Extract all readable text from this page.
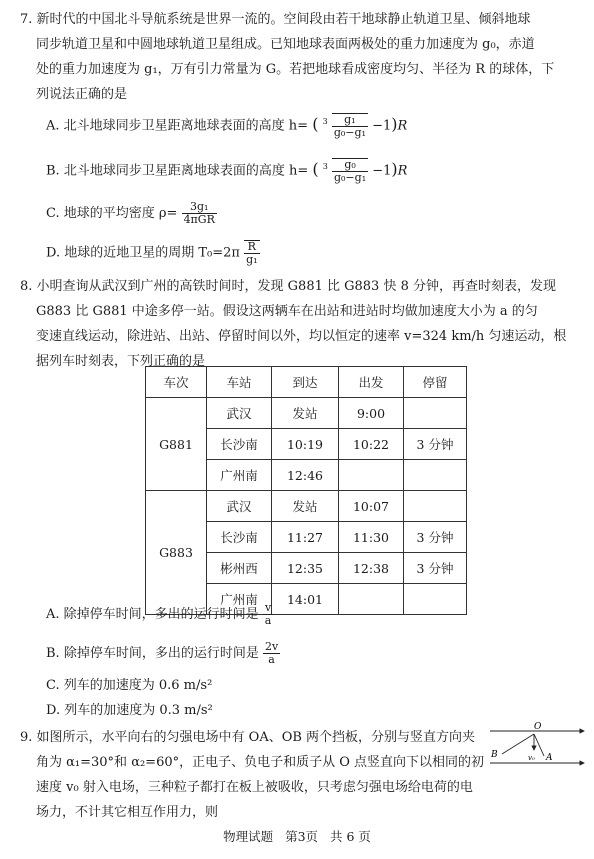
7. 新时代的中国北斗导航系统是世界一流的。空间段由若干地球静止轨道卫星、倾斜地球
同步轨道卫星和中圆地球轨道卫星组成。已知地球表面两极处的重力加速度为 g₀，赤道
处的重力加速度为 g₁，万有引力常量为 G。若把地球看成密度均匀、半径为 R 的球体，下
列说法正确的是
A. 北斗地球同步卫星距离地球表面的高度 h= ( $^3 \frac{\text{g₁}}{\text{g₀−g₁}} -1)R$
B. 北斗地球同步卫星距离地球表面的高度 h= ( $^3 \frac{\text{g₀}}{\text{g₀−g₁}} -1)R$
C. 地球的平均密度 $\rho= \frac{\text{3g₁}}{\text{4πGR}}$
D. 地球的近地卫星的周期 $T_0=2\pi \frac{R}{\text{g₁}}$
8. 小明查询从武汉到广州的高铁时间时，发现 G881 比 G883 快 8 分钟，再查时刻表，发现
G883 比 G881 中途多停一站。假设这两辆车在出站和进站时均做加速度大小为 a 的匀
变速直线运动，除进站、出站、停留时间以外，均以恒定的速率 v=324 km/h 匀速运动，根
据列车时刻表，下列正确的是
车次	车站	到达	出发	停留
G881	武汉	发站	9:00	
	长沙南	10:19	10:22	3 分钟
	广州南	12:46		
G883	武汉	发站	10:07	
	长沙南	11:27	11:30	3 分钟
	彬州西	12:35	12:38	3 分钟
	广州南	14:01		
A. 除掉停车时间，多出的运行时间是 $\frac{v}{a}$
B. 除掉停车时间，多出的运行时间是 $\frac{2v}{a}$
C. 列车的加速度为 0.6 m/s²
D. 列车的加速度为 0.3 m/s²
9. 如图所示，水平向右的匀强电场中有 OA、OB 两个挡板，分别与竖直方向夹
角为 α₁=30°和 α₂=60°，正电子、负电子和质子从 O 点竖直向下以相同的初
速度 v₀ 射入电场，三种粒子都打在板上被吸收，只考虑匀强电场给电荷的电
场力，不计其它相互作用力，则
O
B	A
v₀
物理试题 第3页 共 6 页
